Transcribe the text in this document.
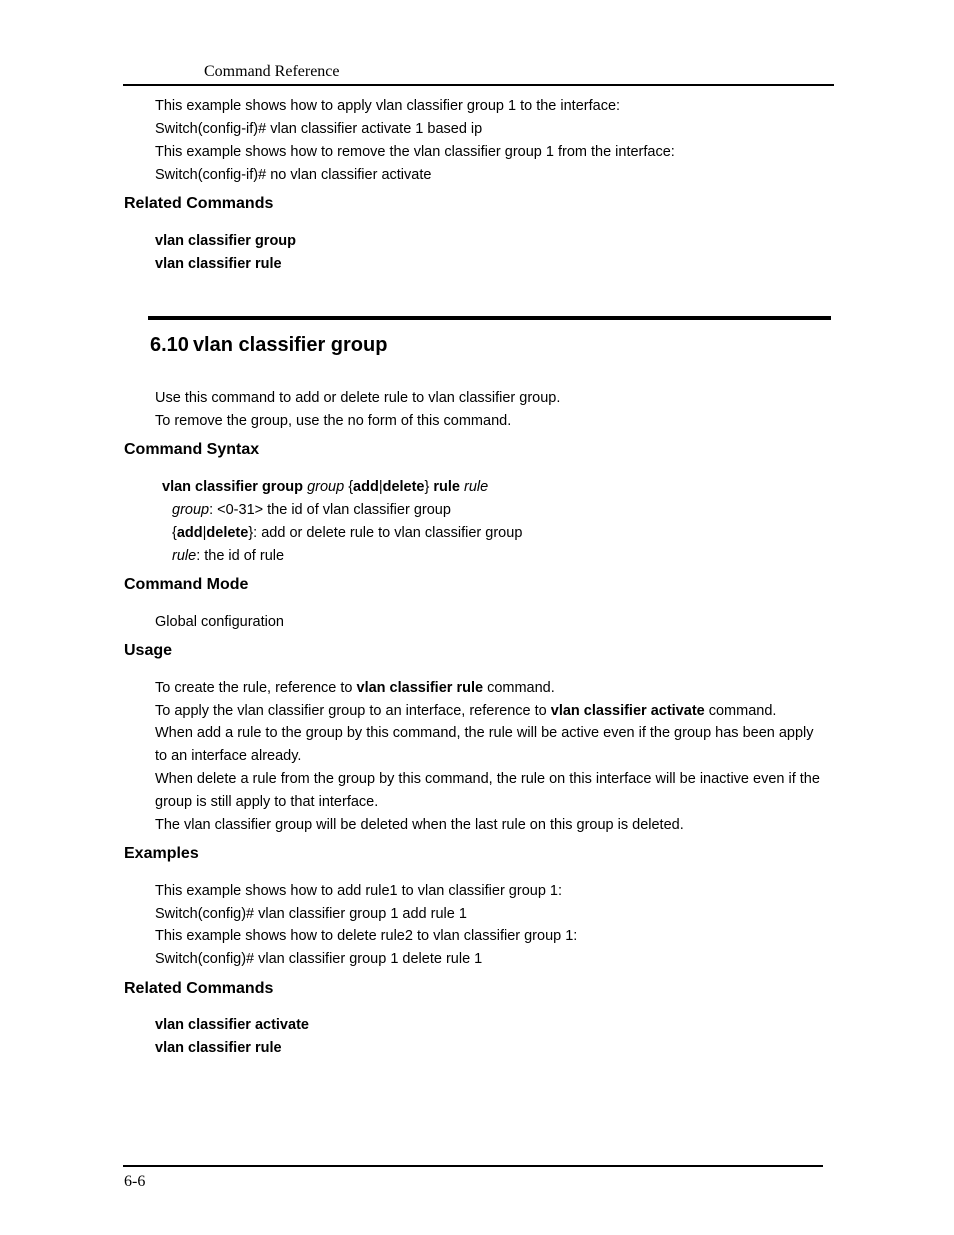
Command Reference
This example shows how to apply vlan classifier group 1 to the interface:
Switch(config-if)# vlan classifier activate 1 based ip
This example shows how to remove the vlan classifier group 1 from the interface:
Switch(config-if)# no vlan classifier activate
Related Commands
vlan classifier group
vlan classifier rule
6.10 vlan classifier group
Use this command to add or delete rule to vlan classifier group.
To remove the group, use the no form of this command.
Command Syntax
vlan classifier group group {add|delete} rule rule
group: <0-31> the id of vlan classifier group
{add|delete}: add or delete rule to vlan classifier group
rule: the id of rule
Command Mode
Global configuration
Usage
To create the rule, reference to vlan classifier rule command.
To apply the vlan classifier group to an interface, reference to vlan classifier activate command.
When add a rule to the group by this command, the rule will be active even if the group has been apply
to an interface already.
When delete a rule from the group by this command, the rule on this interface will be inactive even if the
group is still apply to that interface.
The vlan classifier group will be deleted when the last rule on this group is deleted.
Examples
This example shows how to add rule1 to vlan classifier group 1:
Switch(config)# vlan classifier group 1 add rule 1
This example shows how to delete rule2 to vlan classifier group 1:
Switch(config)# vlan classifier group 1 delete rule 1
Related Commands
vlan classifier activate
vlan classifier rule
6-6
